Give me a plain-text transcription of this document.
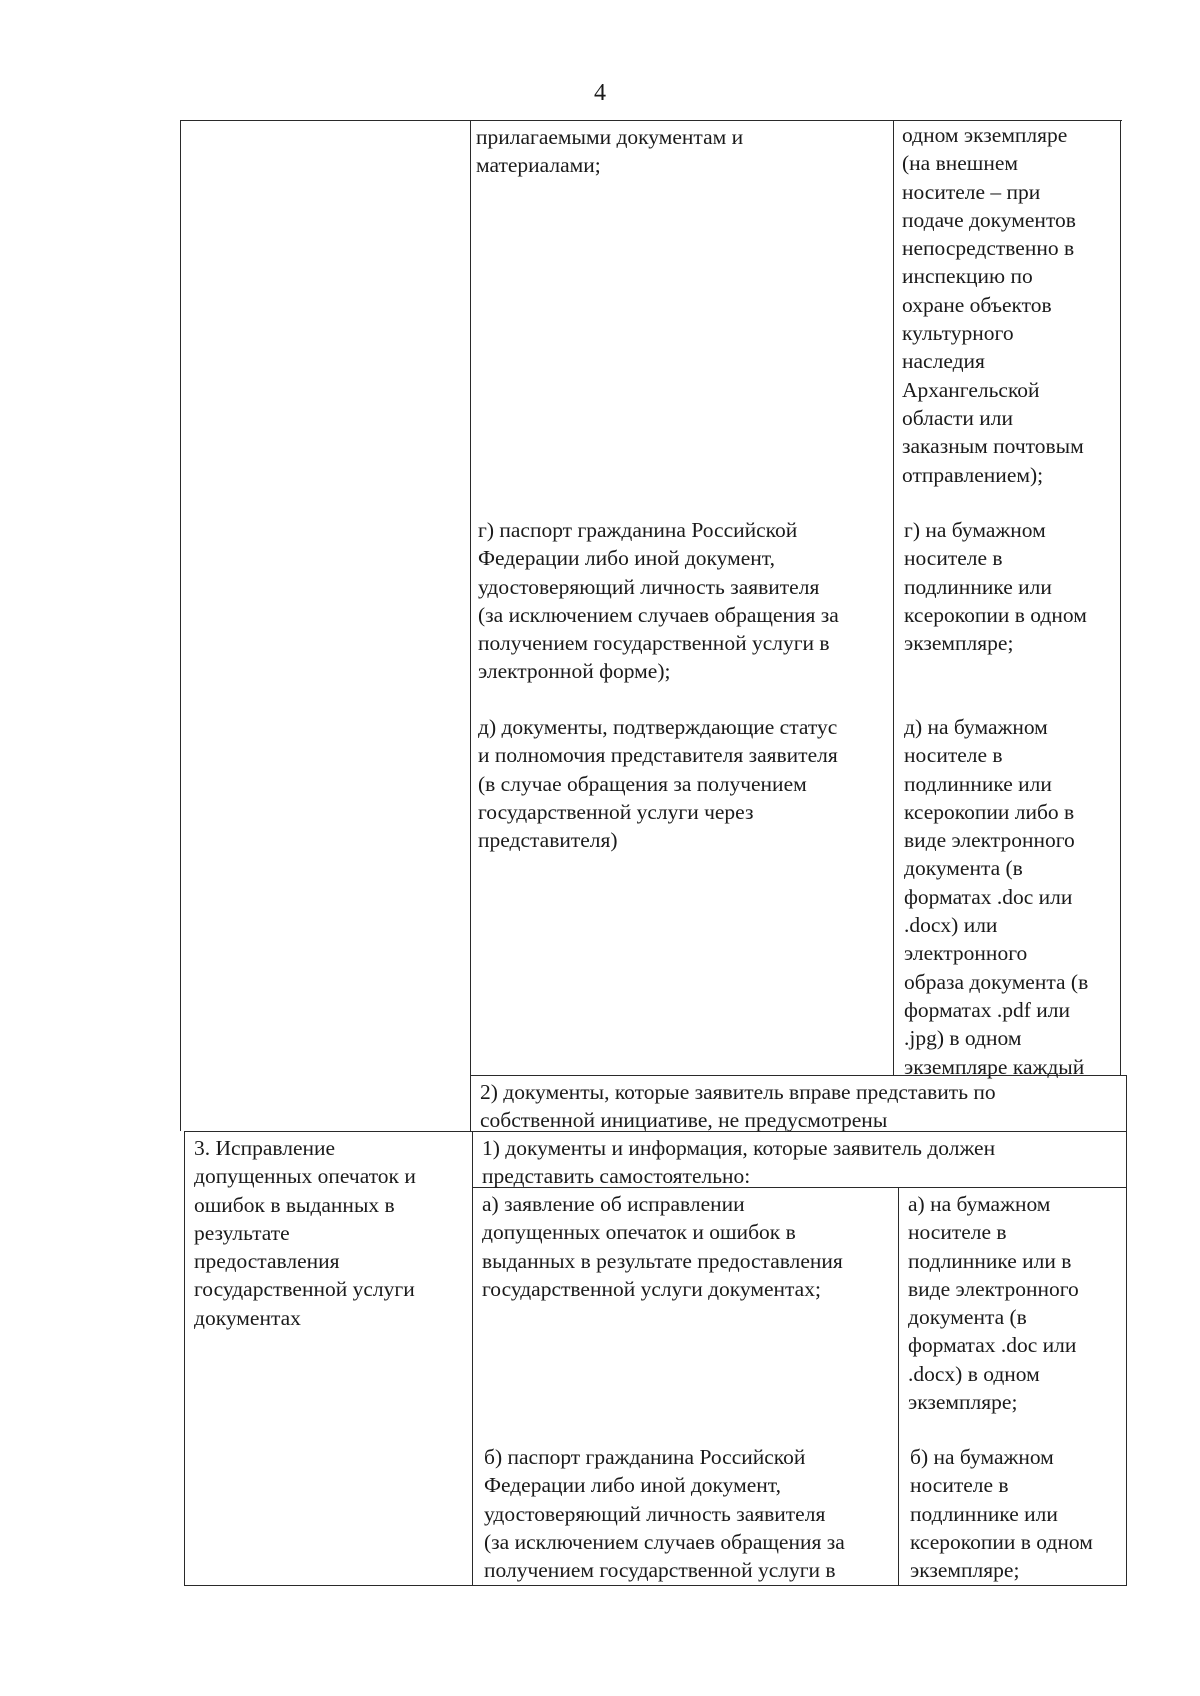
4
прилагаемыми документам и
материалами;
одном экземпляре
(на внешнем
носителе – при
подаче документов
непосредственно в
инспекцию по
охране объектов
культурного
наследия
Архангельской
области или
заказным почтовым
отправлением);
г) паспорт гражданина Российской
Федерации либо иной документ,
удостоверяющий личность заявителя
(за исключением случаев обращения за
получением государственной услуги в
электронной форме);
г) на бумажном
носителе в
подлиннике или
ксерокопии в одном
экземпляре;
д) документы, подтверждающие статус
и полномочия представителя заявителя
(в случае обращения за получением
государственной услуги через
представителя)
д) на бумажном
носителе в
подлиннике или
ксерокопии либо в
виде электронного
документа (в
форматах .doc или
.docx) или
электронного
образа документа (в
форматах .pdf или
.jpg) в одном
экземпляре каждый
2) документы, которые заявитель вправе представить по
собственной инициативе, не предусмотрены
3. Исправление
допущенных опечаток и
ошибок в выданных в
результате
предоставления
государственной услуги
документах
1) документы и информация, которые заявитель должен
представить самостоятельно:
а) заявление об исправлении
допущенных опечаток и ошибок в
выданных в результате предоставления
государственной услуги документах;
а) на бумажном
носителе в
подлиннике или в
виде электронного
документа (в
форматах .doc или
.docx) в одном
экземпляре;
б) паспорт гражданина Российской
Федерации либо иной документ,
удостоверяющий личность заявителя
(за исключением случаев обращения за
получением государственной услуги в
б) на бумажном
носителе в
подлиннике или
ксерокопии в одном
экземпляре;
